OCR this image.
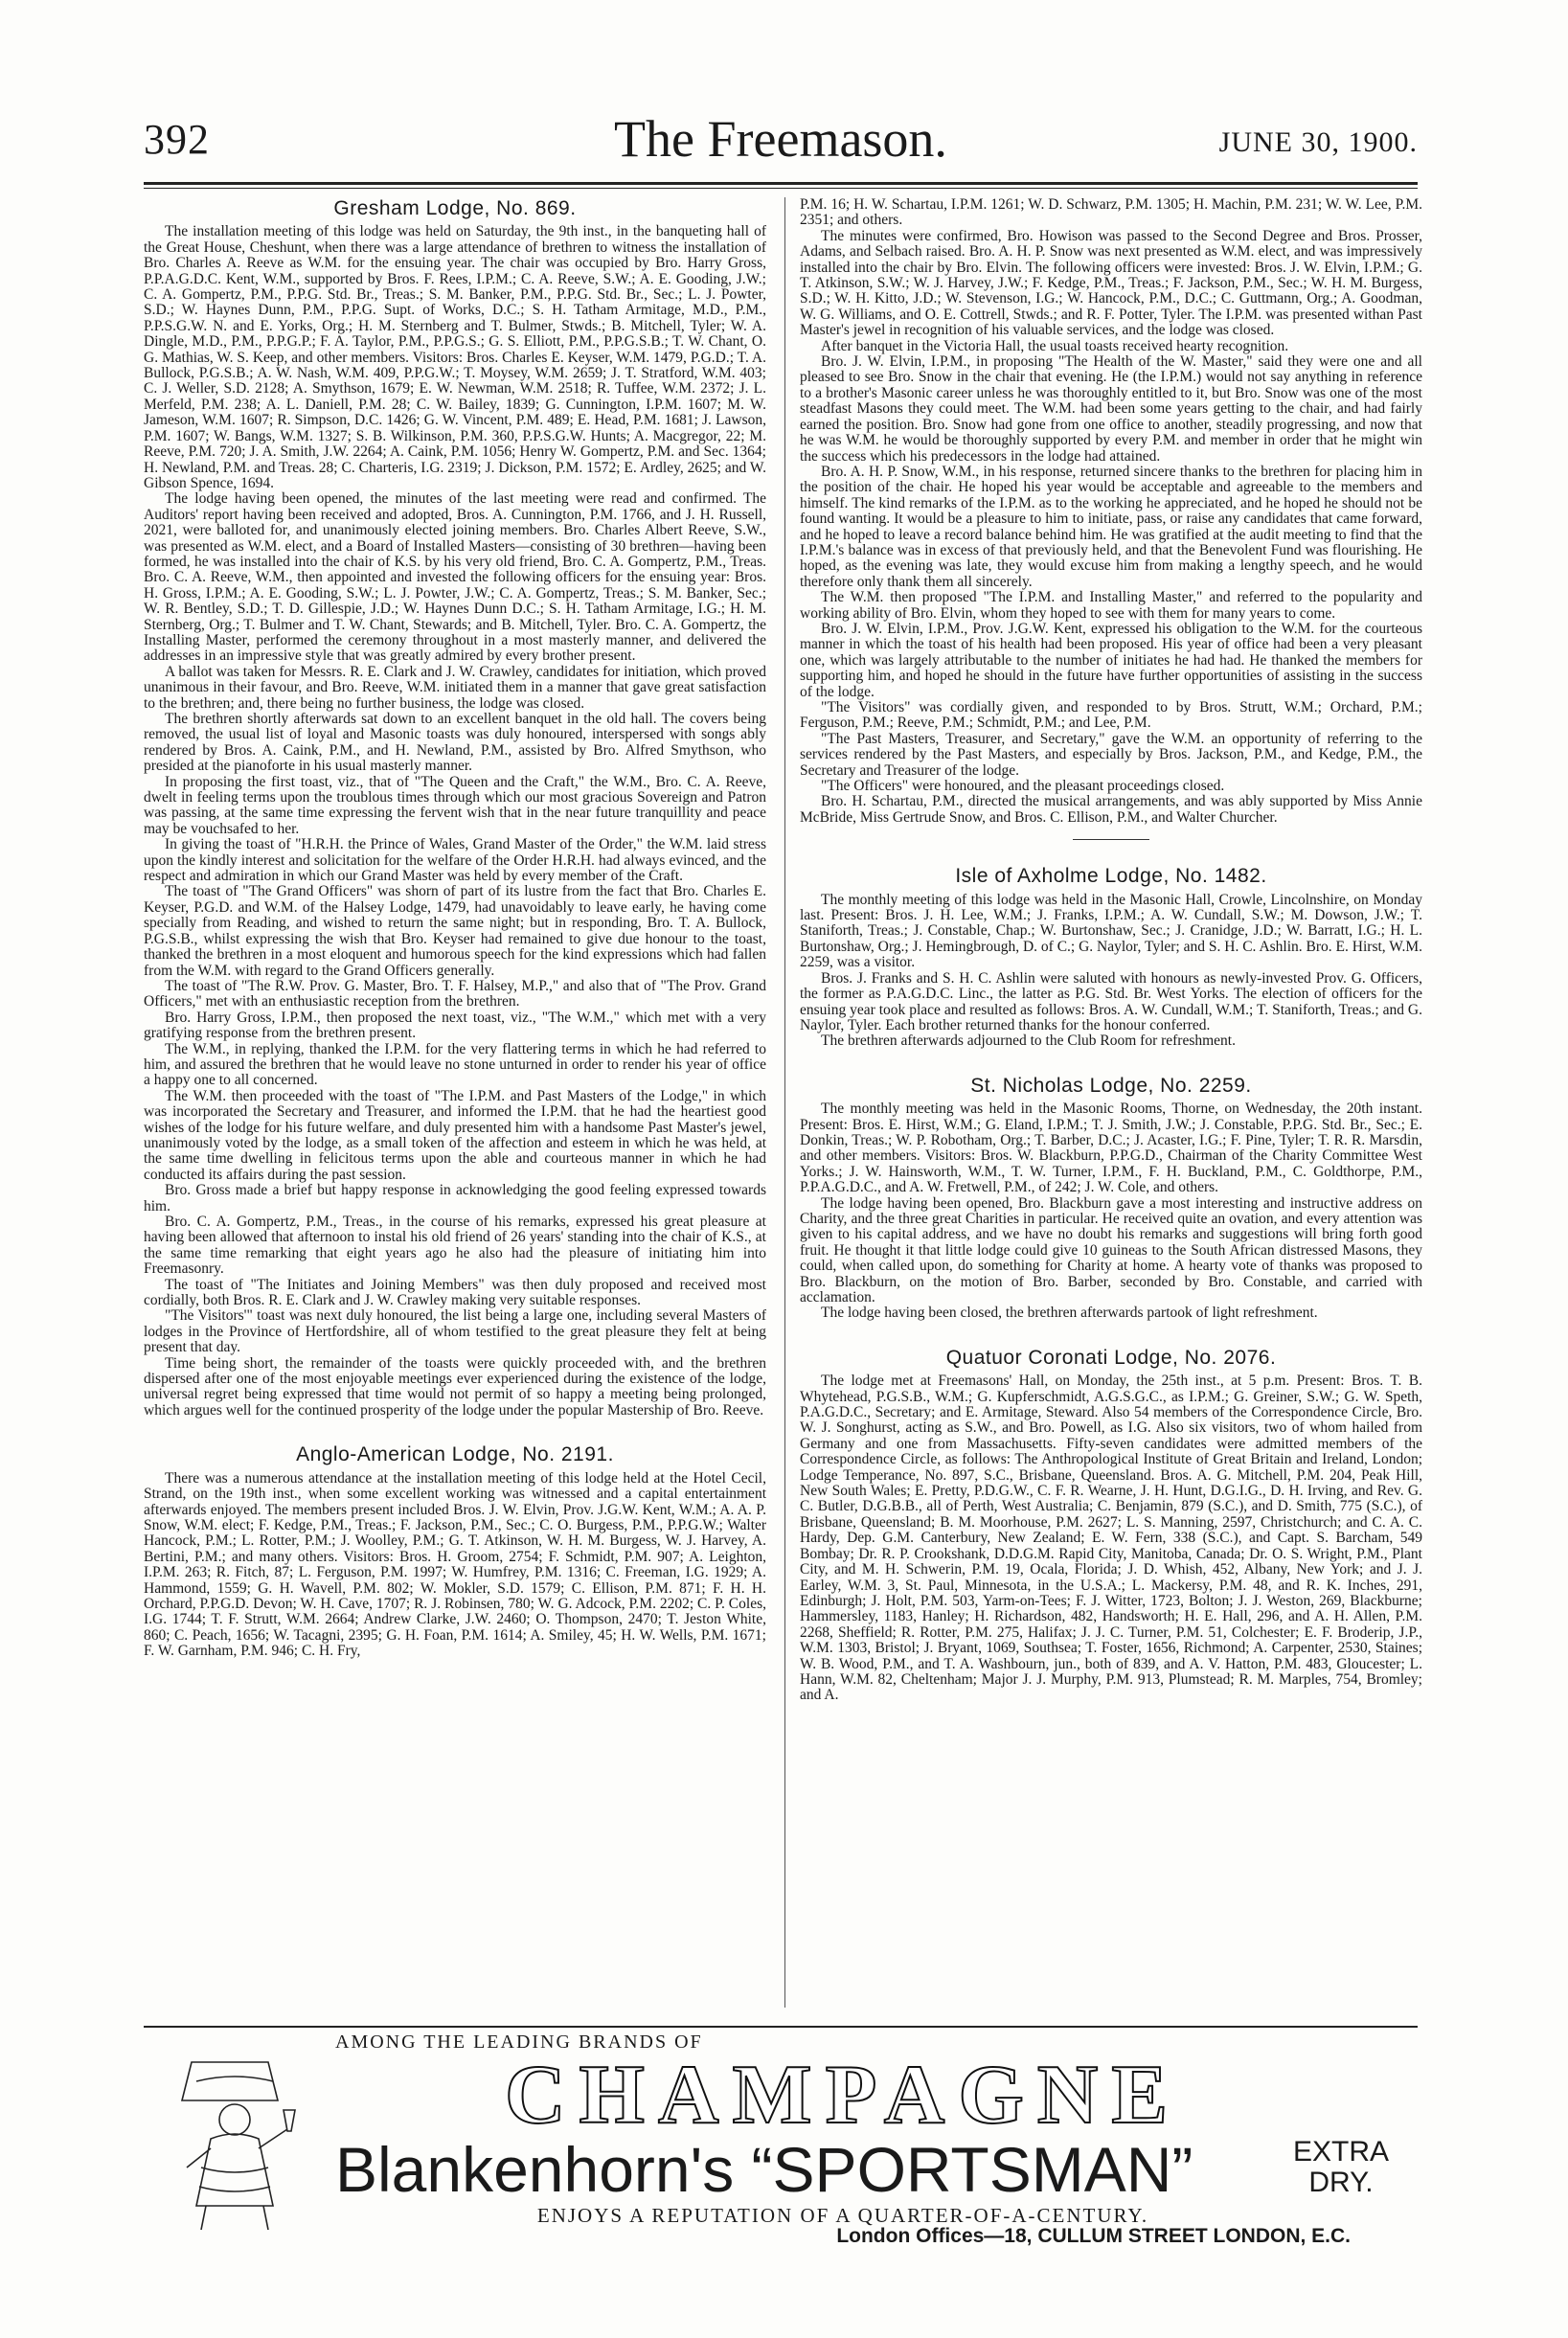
392	The Freemason.	JUNE 30, 1900.
Gresham Lodge, No. 869.

The installation meeting of this lodge was held on Saturday, the 9th inst., in the banqueting hall of the Great House, Cheshunt, when there was a large attendance of brethren to witness the installation of Bro. Charles A. Reeve as W.M. for the ensuing year. The chair was occupied by Bro. Harry Gross, P.P.A.G.D.C. Kent, W.M., supported by Bros. F. Rees, I.P.M.; C. A. Reeve, S.W.; A. E. Gooding, J.W.; C. A. Gompertz, P.M., P.P.G. Std. Br., Treas.; S. M. Banker, P.M., P.P.G. Std. Br., Sec.; L. J. Powter, S.D.; W. Haynes Dunn, P.M., P.P.G. Supt. of Works, D.C.; S. H. Tatham Armitage, M.D., P.M., P.P.S.G.W. N. and E. Yorks, Org.; H. M. Sternberg and T. Bulmer, Stwds.; B. Mitchell, Tyler; W. A. Dingle, M.D., P.M., P.P.G.P.; F. A. Taylor, P.M., P.P.G.S.; G. S. Elliott, P.M., P.P.G.S.B.; T. W. Chant, O. G. Mathias, W. S. Keep, and other members. Visitors: Bros. Charles E. Keyser, W.M. 1479, P.G.D.; T. A. Bullock, P.G.S.B.; A. W. Nash, W.M. 409, P.P.G.W.; T. Moysey, W.M. 2659; J. T. Stratford, W.M. 403; C. J. Weller, S.D. 2128; A. Smythson, 1679; E. W. Newman, W.M. 2518; R. Tuffee, W.M. 2372; J. L. Merfeld, P.M. 238; A. L. Daniell, P.M. 28; C. W. Bailey, 1839; G. Cunnington, I.P.M. 1607; M. W. Jameson, W.M. 1607; R. Simpson, D.C. 1426; G. W. Vincent, P.M. 489; E. Head, P.M. 1681; J. Lawson, P.M. 1607; W. Bangs, W.M. 1327; S. B. Wilkinson, P.M. 360, P.P.S.G.W. Hunts; A. Macgregor, 22; M. Reeve, P.M. 720; J. A. Smith, J.W. 2264; A. Caink, P.M. 1056; Henry W. Gompertz, P.M. and Sec. 1364; H. Newland, P.M. and Treas. 28; C. Charteris, I.G. 2319; J. Dickson, P.M. 1572; E. Ardley, 2625; and W. Gibson Spence, 1694.

The lodge having been opened, the minutes of the last meeting were read and confirmed. The Auditors' report having been received and adopted, Bros. A. Cunnington, P.M. 1766, and J. H. Russell, 2021, were balloted for, and unanimously elected joining members. Bro. Charles Albert Reeve, S.W., was presented as W.M. elect, and a Board of Installed Masters—consisting of 30 brethren—having been formed, he was installed into the chair of K.S. by his very old friend, Bro. C. A. Gompertz, P.M., Treas. Bro. C. A. Reeve, W.M., then appointed and invested the following officers for the ensuing year: Bros. H. Gross, I.P.M.; A. E. Gooding, S.W.; L. J. Powter, J.W.; C. A. Gompertz, Treas.; S. M. Banker, Sec.; W. R. Bentley, S.D.; T. D. Gillespie, J.D.; W. Haynes Dunn D.C.; S. H. Tatham Armitage, I.G.; H. M. Sternberg, Org.; T. Bulmer and T. W. Chant, Stewards; and B. Mitchell, Tyler. Bro. C. A. Gompertz, the Installing Master, performed the ceremony throughout in a most masterly manner, and delivered the addresses in an impressive style that was greatly admired by every brother present.

A ballot was taken for Messrs. R. E. Clark and J. W. Crawley, candidates for initiation, which proved unanimous in their favour, and Bro. Reeve, W.M. initiated them in a manner that gave great satisfaction to the brethren; and, there being no further business, the lodge was closed.

The brethren shortly afterwards sat down to an excellent banquet in the old hall. The covers being removed, the usual list of loyal and Masonic toasts was duly honoured, interspersed with songs ably rendered by Bros. A. Caink, P.M., and H. Newland, P.M., assisted by Bro. Alfred Smythson, who presided at the pianoforte in his usual masterly manner.

In proposing the first toast, viz., that of "The Queen and the Craft," the W.M., Bro. C. A. Reeve, dwelt in feeling terms upon the troublous times through which our most gracious Sovereign and Patron was passing, at the same time expressing the fervent wish that in the near future tranquillity and peace may be vouchsafed to her.

In giving the toast of "H.R.H. the Prince of Wales, Grand Master of the Order," the W.M. laid stress upon the kindly interest and solicitation for the welfare of the Order H.R.H. had always evinced, and the respect and admiration in which our Grand Master was held by every member of the Craft.

The toast of "The Grand Officers" was shorn of part of its lustre from the fact that Bro. Charles E. Keyser, P.G.D. and W.M. of the Halsey Lodge, 1479, had unavoidably to leave early, he having come specially from Reading, and wished to return the same night; but in responding, Bro. T. A. Bullock, P.G.S.B., whilst expressing the wish that Bro. Keyser had remained to give due honour to the toast, thanked the brethren in a most eloquent and humorous speech for the kind expressions which had fallen from the W.M. with regard to the Grand Officers generally.

The toast of "The R.W. Prov. G. Master, Bro. T. F. Halsey, M.P.," and also that of "The Prov. Grand Officers," met with an enthusiastic reception from the brethren.

Bro. Harry Gross, I.P.M., then proposed the next toast, viz., "The W.M.," which met with a very gratifying response from the brethren present.

The W.M., in replying, thanked the I.P.M. for the very flattering terms in which he had referred to him, and assured the brethren that he would leave no stone unturned in order to render his year of office a happy one to all concerned.

The W.M. then proceeded with the toast of "The I.P.M. and Past Masters of the Lodge," in which was incorporated the Secretary and Treasurer, and informed the I.P.M. that he had the heartiest good wishes of the lodge for his future welfare, and duly presented him with a handsome Past Master's jewel, unanimously voted by the lodge, as a small token of the affection and esteem in which he was held, at the same time dwelling in felicitous terms upon the able and courteous manner in which he had conducted its affairs during the past session.

Bro. Gross made a brief but happy response in acknowledging the good feeling expressed towards him.

Bro. C. A. Gompertz, P.M., Treas., in the course of his remarks, expressed his great pleasure at having been allowed that afternoon to instal his old friend of 26 years' standing into the chair of K.S., at the same time remarking that eight years ago he also had the pleasure of initiating him into Freemasonry.

The toast of "The Initiates and Joining Members" was then duly proposed and received most cordially, both Bros. R. E. Clark and J. W. Crawley making very suitable responses.

"The Visitors'" toast was next duly honoured, the list being a large one, including several Masters of lodges in the Province of Hertfordshire, all of whom testified to the great pleasure they felt at being present that day.

Time being short, the remainder of the toasts were quickly proceeded with, and the brethren dispersed after one of the most enjoyable meetings ever experienced during the existence of the lodge, universal regret being expressed that time would not permit of so happy a meeting being prolonged, which argues well for the continued prosperity of the lodge under the popular Mastership of Bro. Reeve.

Anglo-American Lodge, No. 2191.

There was a numerous attendance at the installation meeting of this lodge held at the Hotel Cecil, Strand, on the 19th inst., when some excellent working was witnessed and a capital entertainment afterwards enjoyed. The members present included Bros. J. W. Elvin, Prov. J.G.W. Kent, W.M.; A. A. P. Snow, W.M. elect; F. Kedge, P.M., Treas.; F. Jackson, P.M., Sec.; C. O. Burgess, P.M., P.P.G.W.; Walter Hancock, P.M.; L. Rotter, P.M.; J. Woolley, P.M.; G. T. Atkinson, W. H. M. Burgess, W. J. Harvey, A. Bertini, P.M.; and many others. Visitors: Bros. H. Groom, 2754; F. Schmidt, P.M. 907; A. Leighton, I.P.M. 263; R. Fitch, 87; L. Ferguson, P.M. 1997; W. Humfrey, P.M. 1316; C. Freeman, I.G. 1929; A. Hammond, 1559; G. H. Wavell, P.M. 802; W. Mokler, S.D. 1579; C. Ellison, P.M. 871; F. H. H. Orchard, P.P.G.D. Devon; W. H. Cave, 1707; R. J. Robinsen, 780; W. G. Adcock, P.M. 2202; C. P. Coles, I.G. 1744; T. F. Strutt, W.M. 2664; Andrew Clarke, J.W. 2460; O. Thompson, 2470; T. Jeston White, 860; C. Peach, 1656; W. Tacagni, 2395; G. H. Foan, P.M. 1614; A. Smiley, 45; H. W. Wells, P.M. 1671; F. W. Garnham, P.M. 946; C. H. Fry,

P.M. 16; H. W. Schartau, I.P.M. 1261; W. D. Schwarz, P.M. 1305; H. Machin, P.M. 231; W. W. Lee, P.M. 2351; and others.

The minutes were confirmed, Bro. Howison was passed to the Second Degree and Bros. Prosser, Adams, and Selbach raised. Bro. A. H. P. Snow was next presented as W.M. elect, and was impressively installed into the chair by Bro. Elvin. The following officers were invested: Bros. J. W. Elvin, I.P.M.; G. T. Atkinson, S.W.; W. J. Harvey, J.W.; F. Kedge, P.M., Treas.; F. Jackson, P.M., Sec.; W. H. M. Burgess, S.D.; W. H. Kitto, J.D.; W. Stevenson, I.G.; W. Hancock, P.M., D.C.; C. Guttmann, Org.; A. Goodman, W. G. Williams, and O. E. Cottrell, Stwds.; and R. F. Potter, Tyler. The I.P.M. was presented withan Past Master's jewel in recognition of his valuable services, and the lodge was closed.

After banquet in the Victoria Hall, the usual toasts received hearty recognition.

Bro. J. W. Elvin, I.P.M., in proposing "The Health of the W. Master," said they were one and all pleased to see Bro. Snow in the chair that evening. He (the I.P.M.) would not say anything in reference to a brother's Masonic career unless he was thoroughly entitled to it, but Bro. Snow was one of the most steadfast Masons they could meet. The W.M. had been some years getting to the chair, and had fairly earned the position. Bro. Snow had gone from one office to another, steadily progressing, and now that he was W.M. he would be thoroughly supported by every P.M. and member in order that he might win the success which his predecessors in the lodge had attained.

Bro. A. H. P. Snow, W.M., in his response, returned sincere thanks to the brethren for placing him in the position of the chair. He hoped his year would be acceptable and agreeable to the members and himself. The kind remarks of the I.P.M. as to the working he appreciated, and he hoped he should not be found wanting. It would be a pleasure to him to initiate, pass, or raise any candidates that came forward, and he hoped to leave a record balance behind him. He was gratified at the audit meeting to find that the I.P.M.'s balance was in excess of that previously held, and that the Benevolent Fund was flourishing. He hoped, as the evening was late, they would excuse him from making a lengthy speech, and he would therefore only thank them all sincerely.

The W.M. then proposed "The I.P.M. and Installing Master," and referred to the popularity and working ability of Bro. Elvin, whom they hoped to see with them for many years to come.

Bro. J. W. Elvin, I.P.M., Prov. J.G.W. Kent, expressed his obligation to the W.M. for the courteous manner in which the toast of his health had been proposed. His year of office had been a very pleasant one, which was largely attributable to the number of initiates he had had. He thanked the members for supporting him, and hoped he should in the future have further opportunities of assisting in the success of the lodge.

"The Visitors" was cordially given, and responded to by Bros. Strutt, W.M.; Orchard, P.M.; Ferguson, P.M.; Reeve, P.M.; Schmidt, P.M.; and Lee, P.M.

"The Past Masters, Treasurer, and Secretary," gave the W.M. an opportunity of referring to the services rendered by the Past Masters, and especially by Bros. Jackson, P.M., and Kedge, P.M., the Secretary and Treasurer of the lodge.

"The Officers" were honoured, and the pleasant proceedings closed.

Bro. H. Schartau, P.M., directed the musical arrangements, and was ably supported by Miss Annie McBride, Miss Gertrude Snow, and Bros. C. Ellison, P.M., and Walter Churcher.

Isle of Axholme Lodge, No. 1482.

The monthly meeting of this lodge was held in the Masonic Hall, Crowle, Lincolnshire, on Monday last. Present: Bros. J. H. Lee, W.M.; J. Franks, I.P.M.; A. W. Cundall, S.W.; M. Dowson, J.W.; T. Staniforth, Treas.; J. Constable, Chap.; W. Burtonshaw, Sec.; J. Cranidge, J.D.; W. Barratt, I.G.; H. L. Burtonshaw, Org.; J. Hemingbrough, D. of C.; G. Naylor, Tyler; and S. H. C. Ashlin. Bro. E. Hirst, W.M. 2259, was a visitor.

Bros. J. Franks and S. H. C. Ashlin were saluted with honours as newly-invested Prov. G. Officers, the former as P.A.G.D.C. Linc., the latter as P.G. Std. Br. West Yorks. The election of officers for the ensuing year took place and resulted as follows: Bros. A. W. Cundall, W.M.; T. Staniforth, Treas.; and G. Naylor, Tyler. Each brother returned thanks for the honour conferred.

The brethren afterwards adjourned to the Club Room for refreshment.

St. Nicholas Lodge, No. 2259.

The monthly meeting was held in the Masonic Rooms, Thorne, on Wednesday, the 20th instant. Present: Bros. E. Hirst, W.M.; G. Eland, I.P.M.; T. J. Smith, J.W.; J. Constable, P.P.G. Std. Br., Sec.; E. Donkin, Treas.; W. P. Robotham, Org.; T. Barber, D.C.; J. Acaster, I.G.; F. Pine, Tyler; T. R. R. Marsdin, and other members. Visitors: Bros. W. Blackburn, P.P.G.D., Chairman of the Charity Committee West Yorks.; J. W. Hainsworth, W.M., T. W. Turner, I.P.M., F. H. Buckland, P.M., C. Goldthorpe, P.M., P.P.A.G.D.C., and A. W. Fretwell, P.M., of 242; J. W. Cole, and others.

The lodge having been opened, Bro. Blackburn gave a most interesting and instructive address on Charity, and the three great Charities in particular. He received quite an ovation, and every attention was given to his capital address, and we have no doubt his remarks and suggestions will bring forth good fruit. He thought it that little lodge could give 10 guineas to the South African distressed Masons, they could, when called upon, do something for Charity at home. A hearty vote of thanks was proposed to Bro. Blackburn, on the motion of Bro. Barber, seconded by Bro. Constable, and carried with acclamation.

The lodge having been closed, the brethren afterwards partook of light refreshment.

Quatuor Coronati Lodge, No. 2076.

The lodge met at Freemasons' Hall, on Monday, the 25th inst., at 5 p.m. Present: Bros. T. B. Whytehead, P.G.S.B., W.M.; G. Kupferschmidt, A.G.S.G.C., as I.P.M.; G. Greiner, S.W.; G. W. Speth, P.A.G.D.C., Secretary; and E. Armitage, Steward. Also 54 members of the Correspondence Circle, Bro. W. J. Songhurst, acting as S.W., and Bro. Powell, as I.G. Also six visitors, two of whom hailed from Germany and one from Massachusetts. Fifty-seven candidates were admitted members of the Correspondence Circle, as follows: The Anthropological Institute of Great Britain and Ireland, London; Lodge Temperance, No. 897, S.C., Brisbane, Queensland. Bros. A. G. Mitchell, P.M. 204, Peak Hill, New South Wales; E. Pretty, P.D.G.W., C. F. R. Wearne, J. H. Hunt, D.G.I.G., D. H. Irving, and Rev. G. C. Butler, D.G.B.B., all of Perth, West Australia; C. Benjamin, 879 (S.C.), and D. Smith, 775 (S.C.), of Brisbane, Queensland; B. M. Moorhouse, P.M. 2627; L. S. Manning, 2597, Christchurch; and C. A. C. Hardy, Dep. G.M. Canterbury, New Zealand; E. W. Fern, 338 (S.C.), and Capt. S. Barcham, 549 Bombay; Dr. R. P. Crookshank, D.D.G.M. Rapid City, Manitoba, Canada; Dr. O. S. Wright, P.M., Plant City, and M. H. Schwerin, P.M. 19, Ocala, Florida; J. D. Whish, 452, Albany, New York; and J. J. Earley, W.M. 3, St. Paul, Minnesota, in the U.S.A.; L. Mackersy, P.M. 48, and R. K. Inches, 291, Edinburgh; J. Holt, P.M. 503, Yarm-on-Tees; F. J. Witter, 1723, Bolton; J. J. Weston, 269, Blackburne; Hammersley, 1183, Hanley; H. Richardson, 482, Handsworth; H. E. Hall, 296, and A. H. Allen, P.M. 2268, Sheffield; R. Rotter, P.M. 275, Halifax; J. J. C. Turner, P.M. 51, Colchester; E. F. Broderip, J.P., W.M. 1303, Bristol; J. Bryant, 1069, Southsea; T. Foster, 1656, Richmond; A. Carpenter, 2530, Staines; W. B. Wood, P.M., and T. A. Washbourn, jun., both of 839, and A. V. Hatton, P.M. 483, Gloucester; L. Hann, W.M. 82, Cheltenham; Major J. J. Murphy, P.M. 913, Plumstead; R. M. Marples, 754, Bromley; and A.

AMONG THE LEADING BRANDS OF
CHAMPAGNE
Blankenhorn's “SPORTSMAN”	EXTRA
DRY.
ENJOYS A REPUTATION OF A QUARTER-OF-A-CENTURY.
London Offices—18, CULLUM STREET LONDON, E.C.
